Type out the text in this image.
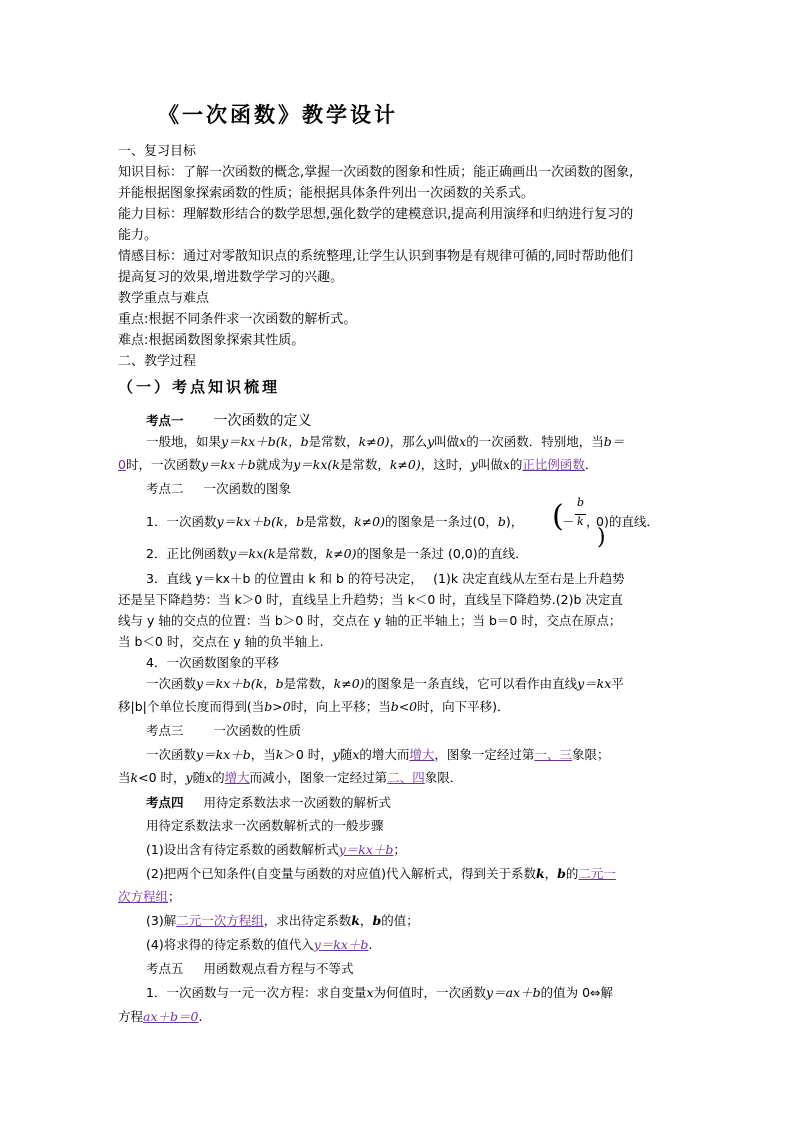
《一次函数》教学设计
一、复习目标
知识目标：了解一次函数的概念,掌握一次函数的图象和性质；能正确画出一次函数的图象,
并能根据图象探索函数的性质；能根据具体条件列出一次函数的关系式。
能力目标：理解数形结合的数学思想,强化数学的建模意识,提高利用演绎和归纳进行复习的
能力。
情感目标：通过对零散知识点的系统整理,让学生认识到事物是有规律可循的,同时帮助他们
提高复习的效果,增进数学学习的兴趣。
教学重点与难点
重点:根据不同条件求一次函数的解析式。
难点:根据函数图象探索其性质。
二、教学过程
（一）考点知识梳理
考点一 一次函数的定义
一般地，如果y＝kx＋b(k，b是常数，k≠0)，那么y叫做x的一次函数．特别地，当b＝
0时，一次函数y＝kx＋b就成为y＝kx(k是常数，k≠0)，这时，y叫做x的正比例函数．
考点二 一次函数的图象
1．一次函数y＝kx＋b(k，b是常数，k≠0)的图象是一条过(0，b)， (
－
b
k ，
0)的直线．
)
2．正比例函数y＝kx(k是常数，k≠0)的图象是一条过 (0,0)的直线．
3．直线 y＝kx＋b 的位置由 k 和 b 的符号决定，　 (1)k 决定直线从左至右是上升趋势
还是呈下降趋势：当 k＞0 时，直线呈上升趋势；当 k＜0 时，直线呈下降趋势.(2)b 决定直
线与 y 轴的交点的位置：当 b＞0 时，交点在 y 轴的正半轴上；当 b＝0 时，交点在原点；
当 b＜0 时，交点在 y 轴的负半轴上.
4．一次函数图象的平移
一次函数y＝kx＋b(k，b是常数，k≠0)的图象是一条直线，它可以看作由直线y＝kx平
移|b|个单位长度而得到(当b>0时，向上平移；当b<0时，向下平移)．
考点三 一次函数的性质
一次函数y＝kx＋b，当k＞0 时，y随x的增大而增大，图象一定经过第一、三象限；
当k<0 时，y随x的增大而减小，图象一定经过第二、四象限．
考点四 用待定系数法求一次函数的解析式
用待定系数法求一次函数解析式的一般步骤
(1)设出含有待定系数的函数解析式y＝kx＋b；
(2)把两个已知条件(自变量与函数的对应值)代入解析式，得到关于系数k，b的二元一
次方程组；
(3)解二元一次方程组，求出待定系数k，b的值；
(4)将求得的待定系数的值代入y＝kx＋b.
考点五 用函数观点看方程与不等式
1．一次函数与一元一次方程：求自变量x为何值时，一次函数y＝ax＋b的值为 0⇔解
方程ax＋b＝0.
